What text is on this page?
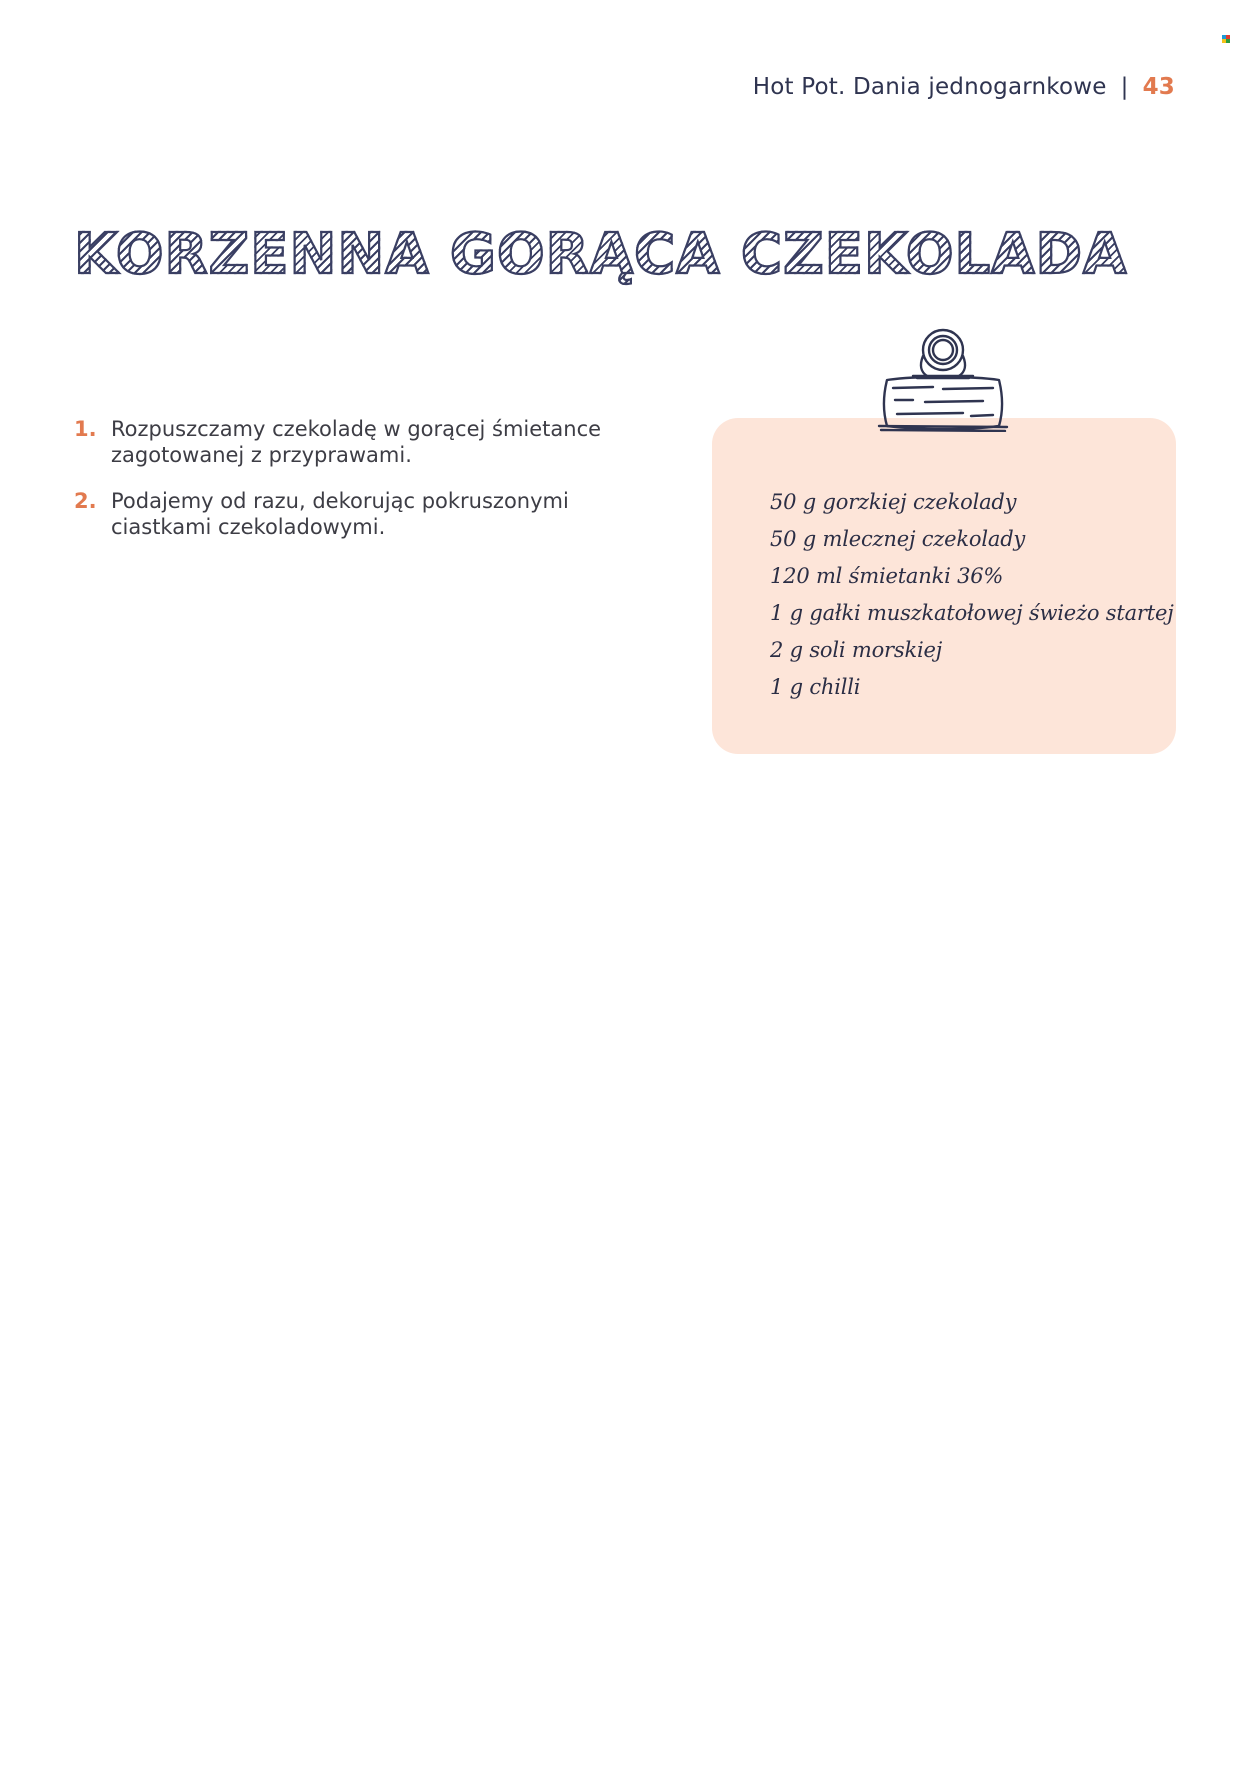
Hot Pot. Dania jednogarnkowe | 43
KORZENNA GORĄCA CZEKOLADA
1. Rozpuszczamy czekoladę w gorącej śmietance zagotowanej z przyprawami.
2. Podajemy od razu, dekorując pokruszonymi ciastkami czekoladowymi.
50 g gorzkiej czekolady
50 g mlecznej czekolady
120 ml śmietanki 36%
1 g gałki muszkatołowej świeżo startej
2 g soli morskiej
1 g chilli
